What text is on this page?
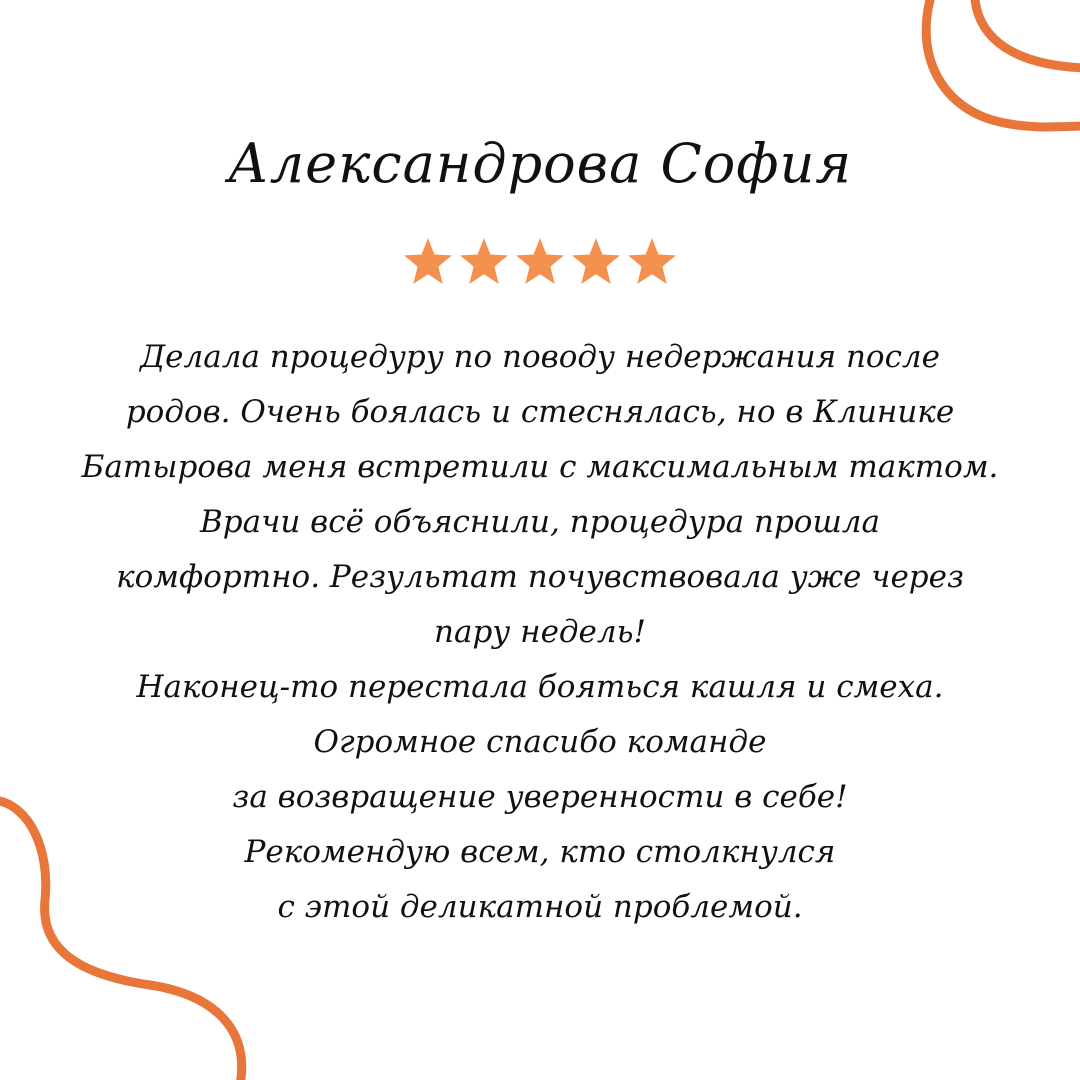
Александрова София
Делала процедуру по поводу недержания после
родов. Очень боялась и стеснялась, но в Клинике
Батырова меня встретили с максимальным тактом.
Врачи всё объяснили, процедура прошла
комфортно. Результат почувствовала уже через
пару недель!
Наконец-то перестала бояться кашля и смеха.
Огромное спасибо команде
за возвращение уверенности в себе!
Рекомендую всем, кто столкнулся
с этой деликатной проблемой.
